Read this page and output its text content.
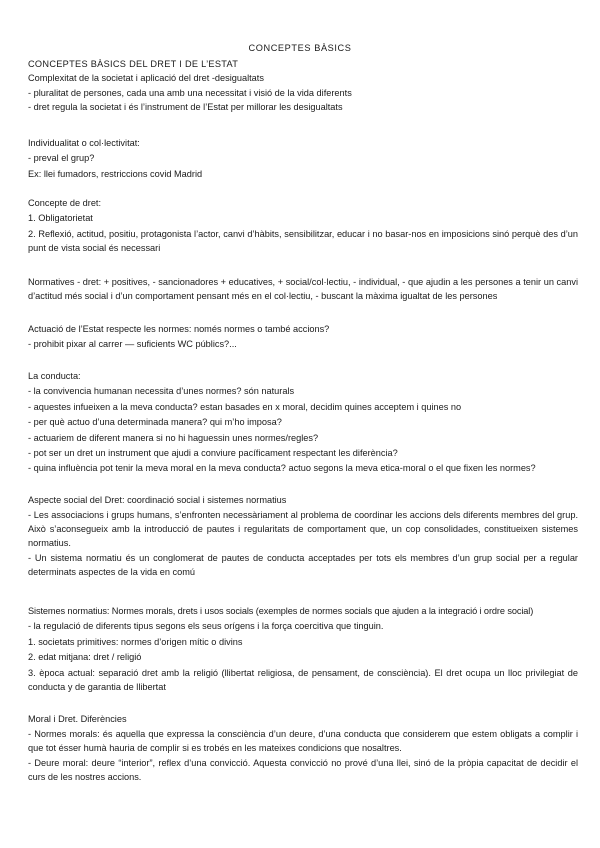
CONCEPTES BÀSICS
CONCEPTES BÀSICS DEL DRET I DE L’ESTAT
Complexitat de la societat i aplicació del dret -desigualtats
- pluralitat de persones, cada una amb una necessitat i visió de la vida diferents
- dret regula la societat i és l’instrument de l’Estat per millorar les desigualtats
Individualitat o col·lectivitat:
- preval el grup?
Ex: llei fumadors, restriccions covid Madrid
Concepte de dret:
1. Obligatorietat
2. Reflexió, actitud, positiu, protagonista l’actor, canvi d’hàbits, sensibilitzar, educar i no basar-nos en imposicions sinó perquè des d’un punt de vista social és necessari
Normatives - dret: + positives, - sancionadores + educatives, + social/col·lectiu, - individual, - que ajudin a les persones a tenir un canvi d’actitud més social i d’un comportament pensant més en el col·lectiu, - buscant la màxima igualtat de les persones
Actuació de l’Estat respecte les normes: només normes o també accions?
- prohibit pixar al carrer — suficients WC públics?...
La conducta:
- la convivencia humanan necessita d’unes normes? són naturals
- aquestes infueixen a la meva conducta? estan basades en x moral, decidim quines acceptem i quines no
- per què actuo d’una determinada manera? qui m’ho imposa?
- actuariem de diferent manera si no hi haguessin unes normes/regles?
- pot ser un dret un instrument que ajudi a conviure pacíficament respectant les diferència?
- quina influència pot tenir la meva moral en la meva conducta? actuo segons la meva etica-moral o el que fixen les normes?
Aspecte social del Dret: coordinació social i sistemes normatius
- Les associacions i grups humans, s’enfronten necessàriament al problema de coordinar les accions dels diferents membres del grup. Això s’aconsegueix amb la introducció de pautes i regularitats de comportament que, un cop consolidades, constitueixen sistemes normatius.
- Un sistema normatiu és un conglomerat de pautes de conducta acceptades per tots els membres d’un grup social per a regular determinats aspectes de la vida en comú
Sistemes normatius: Normes morals, drets i usos socials (exemples de normes socials que ajuden a la integració i ordre social)
- la regulació de diferents tipus segons els seus orígens i la força coercitiva que tinguin.
1. societats primitives: normes d’origen mític o divins
2. edat mitjana: dret / religió
3. època actual: separació dret amb la religió (llibertat religiosa, de pensament, de consciència). El dret ocupa un lloc privilegiat de conducta y de garantia de llibertat
Moral i Dret. Diferències
- Normes morals: és aquella que expressa la consciència d’un deure, d’una conducta que considerem que estem obligats a complir i que tot ésser humà hauria de complir si es trobés en les mateixes condicions que nosaltres.
- Deure moral: deure “interior”, reflex d’una convicció. Aquesta convicció no prové d’una llei, sinó de la pròpia capacitat de decidir el curs de les nostres accions.
